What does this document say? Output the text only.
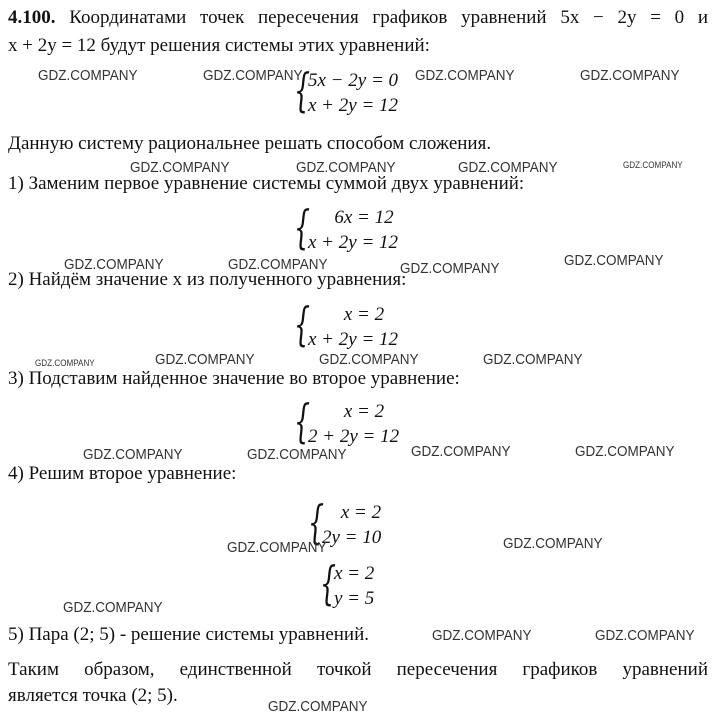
4.100. Координатами точек пересечения графиков уравнений 5x − 2y = 0 и
x + 2y = 12 будут решения системы этих уравнений:
{
5x − 2y = 0
x + 2y = 12
Данную систему рациональнее решать способом сложения.
1) Заменим первое уравнение системы суммой двух уравнений:
{	6x = 12
x + 2y = 12
2) Найдём значение x из полученного уравнения:
{	x = 2
x + 2y = 12
3) Подставим найденное значение во второе уравнение:
{	x = 2
2 + 2y = 12
4) Решим второе уравнение:
{ x = 2
2y = 10
{
x = 2
y = 5
5) Пара (2; 5) - решение системы уравнений.
Таким образом, единственной точкой пересечения графиков уравнений
является точка (2; 5).
GDZ.COMPANY	GDZ.COMPANY	GDZ.COMPANY	GDZ.COMPANY
GDZ.COMPANY	GDZ.COMPANY	GDZ.COMPANY	GDZ.COMPANY
GDZ.COMPANY	GDZ.COMPANY	GDZ.COMPANY	GDZ.COMPANY
GDZ.COMPANY	GDZ.COMPANY	GDZ.COMPANY	GDZ.COMPANY
GDZ.COMPANY	GDZ.COMPANY	GDZ.COMPANY	GDZ.COMPANY
GDZ.COMPANY	GDZ.COMPANY
GDZ.COMPANY
GDZ.COMPANY	GDZ.COMPANY
GDZ.COMPANY
